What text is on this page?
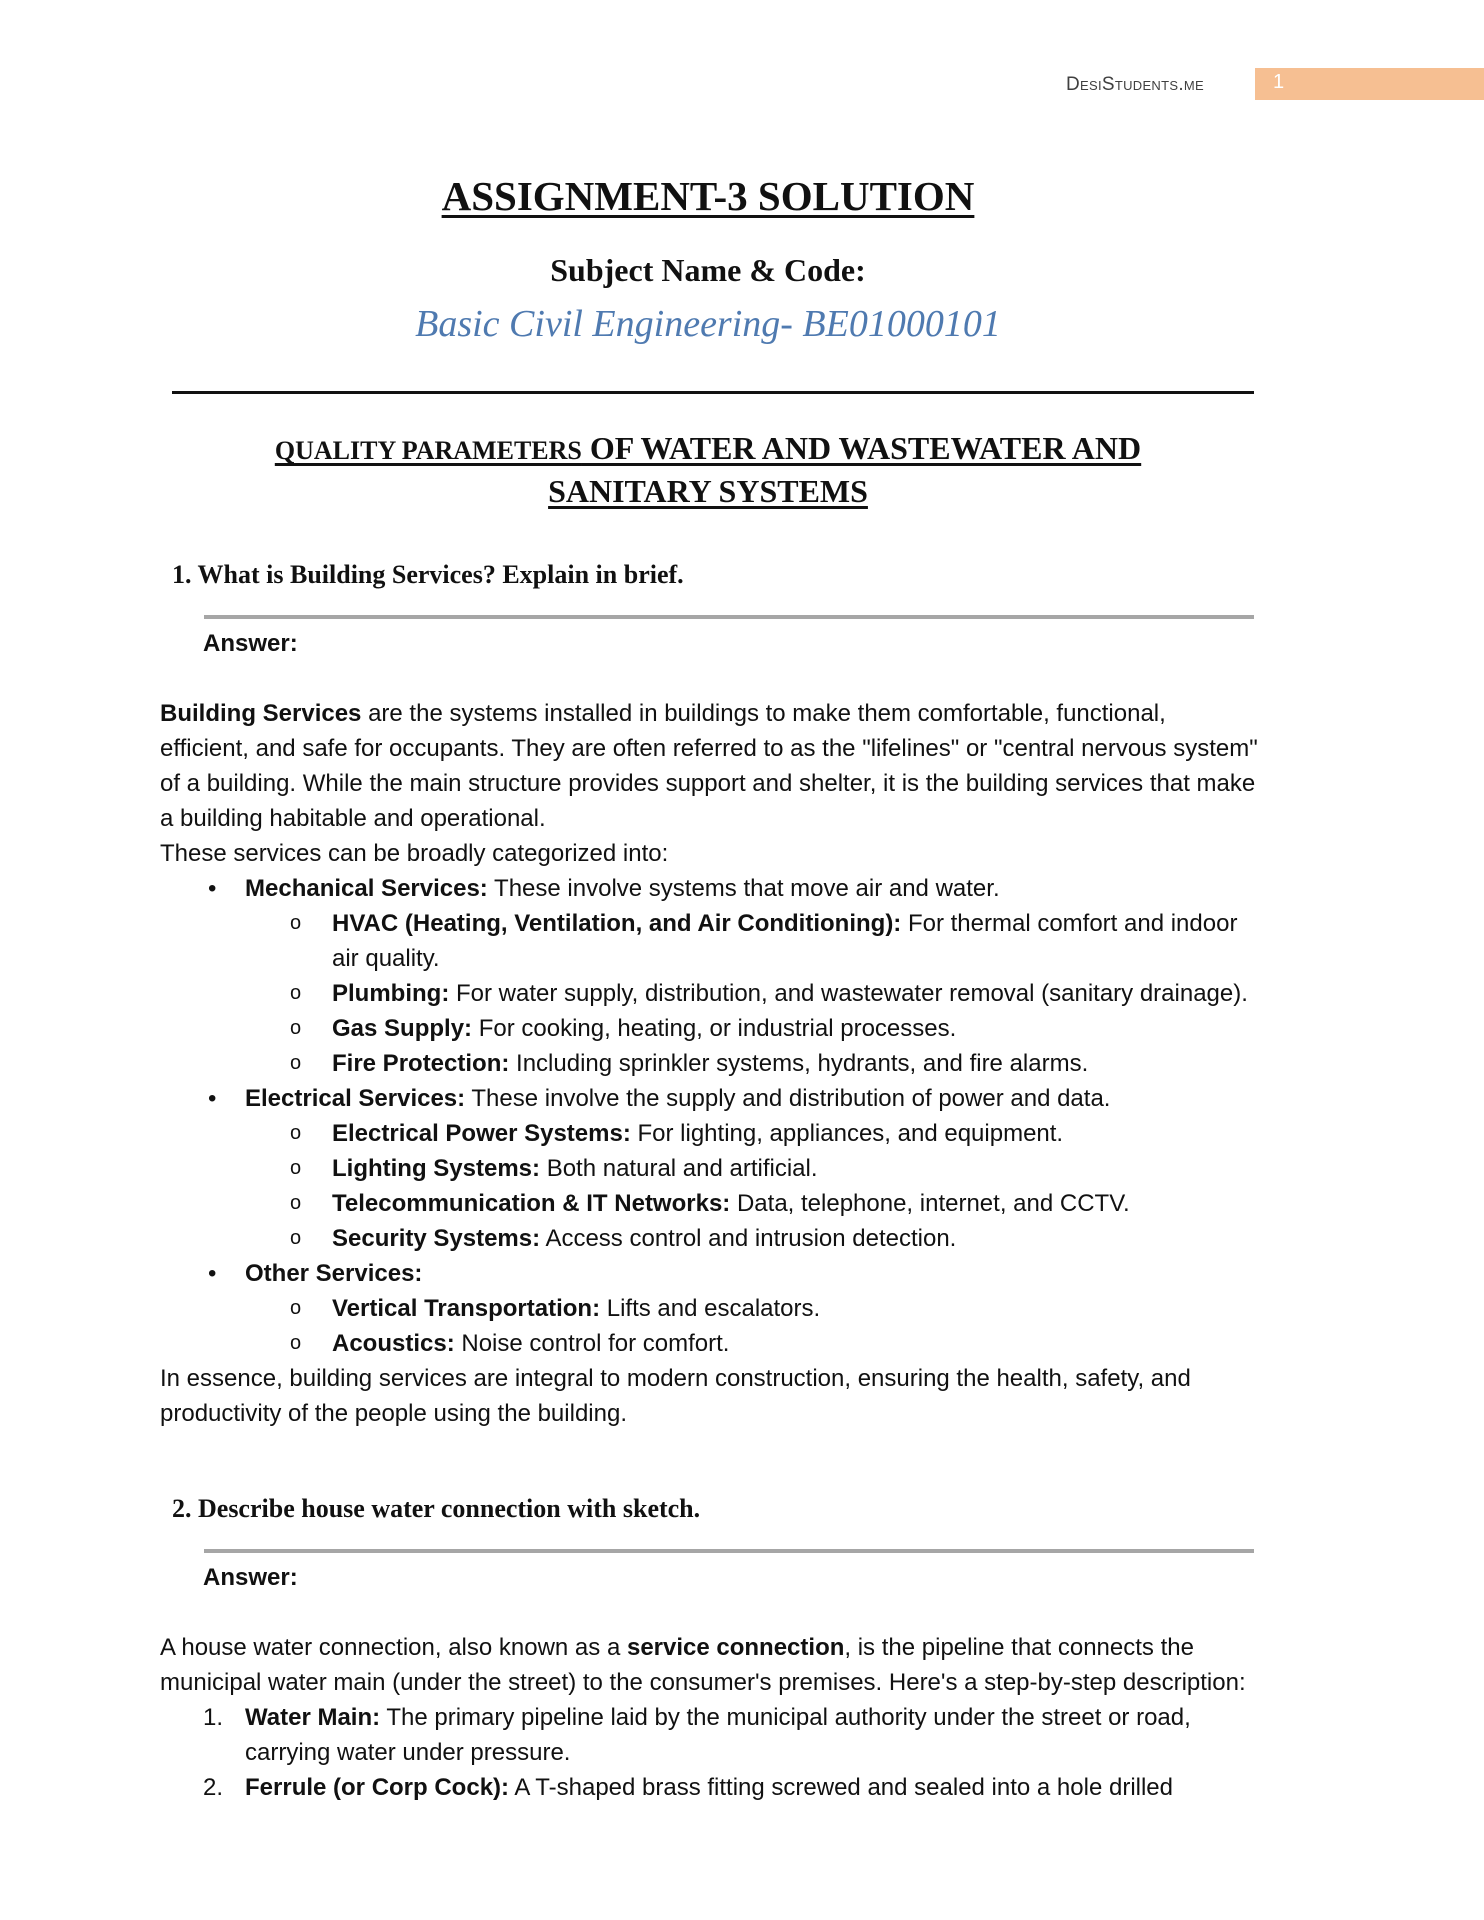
DesiStudents.me	1
ASSIGNMENT-3 SOLUTION
Subject Name & Code:
Basic Civil Engineering- BE01000101
QUALITY PARAMETERS OF WATER AND WASTEWATER AND
SANITARY SYSTEMS
1. What is Building Services? Explain in brief.
Answer:

Building Services are the systems installed in buildings to make them comfortable, functional, efficient, and safe for occupants. They are often referred to as the "lifelines" or "central nervous system" of a building. While the main structure provides support and shelter, it is the building services that make a building habitable and operational.

These services can be broadly categorized into:

• Mechanical Services: These involve systems that move air and water.
o HVAC (Heating, Ventilation, and Air Conditioning): For thermal comfort and indoor air quality.
o Plumbing: For water supply, distribution, and wastewater removal (sanitary drainage).
o Gas Supply: For cooking, heating, or industrial processes.
o Fire Protection: Including sprinkler systems, hydrants, and fire alarms.
• Electrical Services: These involve the supply and distribution of power and data.
o Electrical Power Systems: For lighting, appliances, and equipment.
o Lighting Systems: Both natural and artificial.
o Telecommunication & IT Networks: Data, telephone, internet, and CCTV.
o Security Systems: Access control and intrusion detection.
• Other Services:
o Vertical Transportation: Lifts and escalators.
o Acoustics: Noise control for comfort.

In essence, building services are integral to modern construction, ensuring the health, safety, and productivity of the people using the building.

2. Describe house water connection with sketch.
Answer:

A house water connection, also known as a service connection, is the pipeline that connects the municipal water main (under the street) to the consumer's premises. Here's a step-by-step description:

1. Water Main: The primary pipeline laid by the municipal authority under the street or road, carrying water under pressure.
2. Ferrule (or Corp Cock): A T-shaped brass fitting screwed and sealed into a hole drilled
